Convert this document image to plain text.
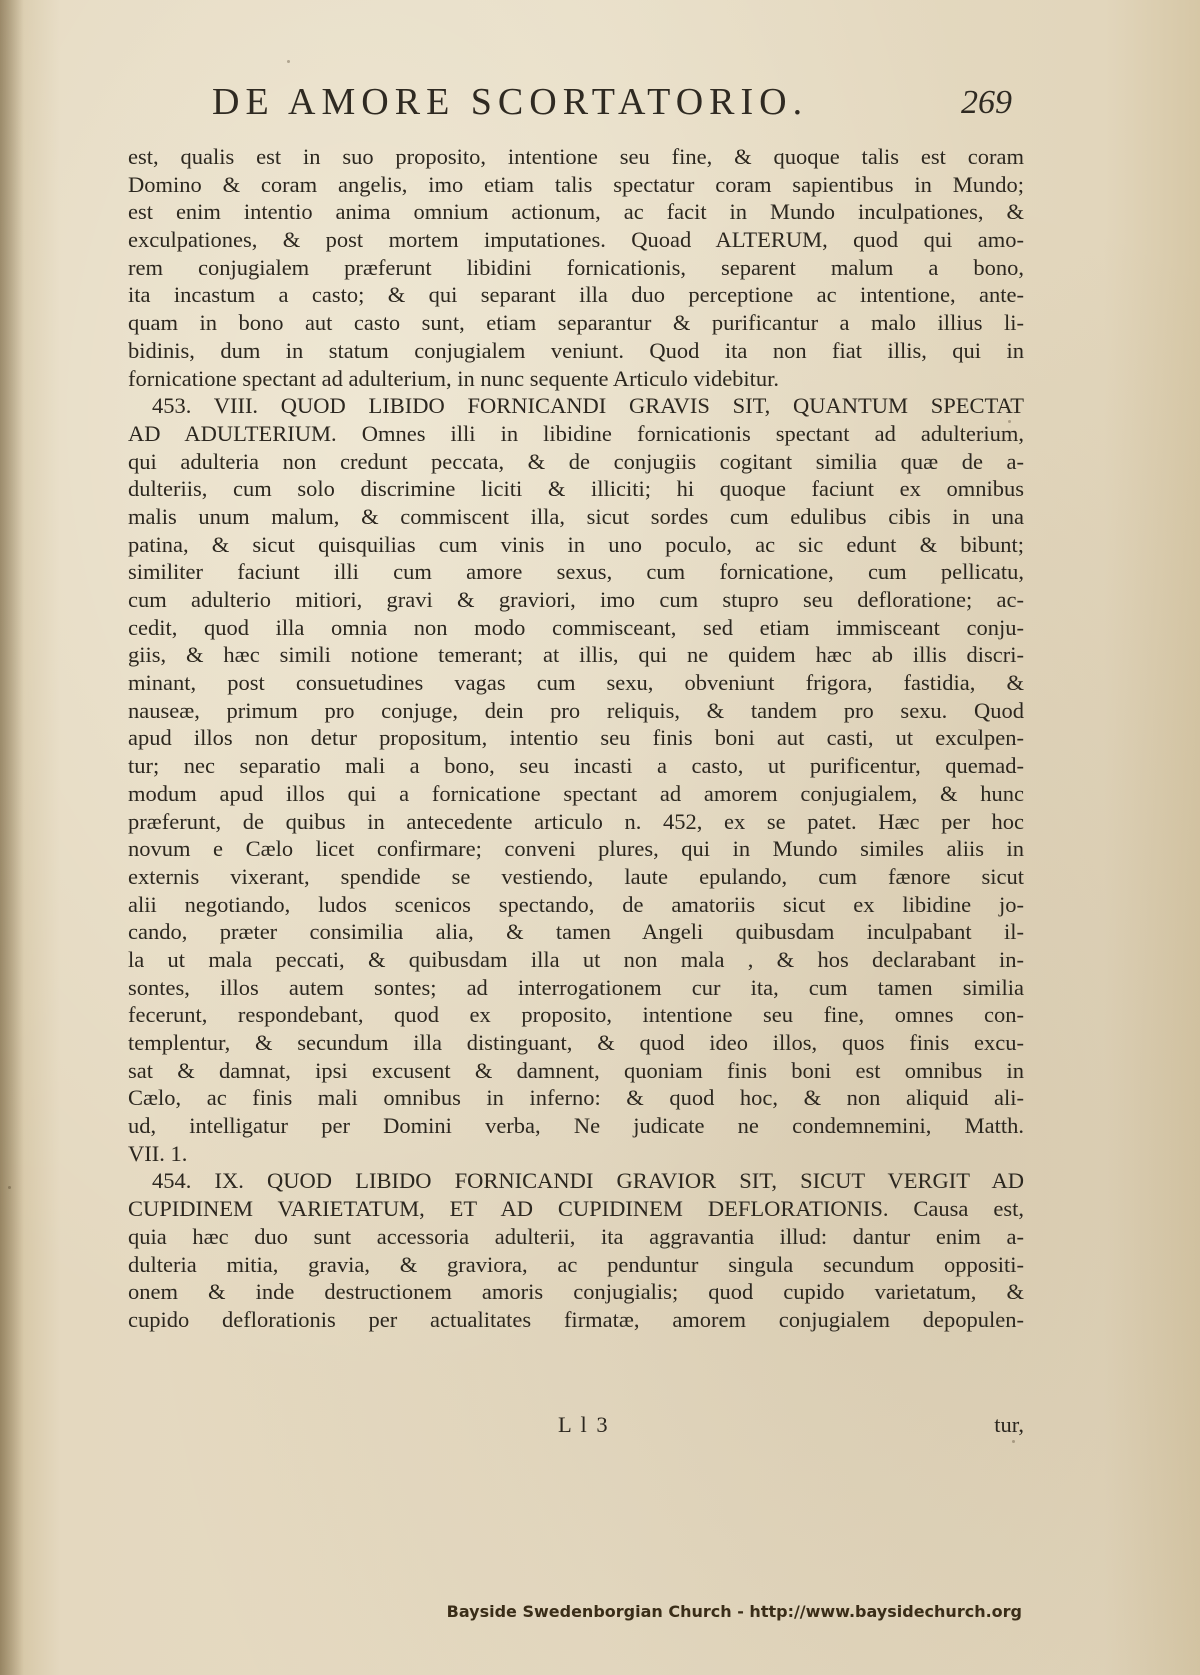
DE AMORE SCORTATORIO.	269
est, qualis est in suo proposito, intentione seu fine, & quoque talis est coram
Domino & coram angelis, imo etiam talis spectatur coram sapientibus in Mundo;
est enim intentio anima omnium actionum, ac facit in Mundo inculpationes, &
exculpationes, & post mortem imputationes. Quoad ALTERUM, quod qui amo-
rem conjugialem præferunt libidini fornicationis, separent malum a bono,
ita incastum a casto; & qui separant illa duo perceptione ac intentione, ante-
quam in bono aut casto sunt, etiam separantur & purificantur a malo illius li-
bidinis, dum in statum conjugialem veniunt. Quod ita non fiat illis, qui in
fornicatione spectant ad adulterium, in nunc sequente Articulo videbitur.
453. VIII. QUOD LIBIDO FORNICANDI GRAVIS SIT, QUANTUM SPECTAT
AD ADULTERIUM. Omnes illi in libidine fornicationis spectant ad adulterium,
qui adulteria non credunt peccata, & de conjugiis cogitant similia quæ de a-
dulteriis, cum solo discrimine liciti & illiciti; hi quoque faciunt ex omnibus
malis unum malum, & commiscent illa, sicut sordes cum edulibus cibis in una
patina, & sicut quisquilias cum vinis in uno poculo, ac sic edunt & bibunt;
similiter faciunt illi cum amore sexus, cum fornicatione, cum pellicatu,
cum adulterio mitiori, gravi & graviori, imo cum stupro seu defloratione; ac-
cedit, quod illa omnia non modo commisceant, sed etiam immisceant conju-
giis, & hæc simili notione temerant; at illis, qui ne quidem hæc ab illis discri-
minant, post consuetudines vagas cum sexu, obveniunt frigora, fastidia, &
nauseæ, primum pro conjuge, dein pro reliquis, & tandem pro sexu. Quod
apud illos non detur propositum, intentio seu finis boni aut casti, ut exculpen-
tur; nec separatio mali a bono, seu incasti a casto, ut purificentur, quemad-
modum apud illos qui a fornicatione spectant ad amorem conjugialem, & hunc
præferunt, de quibus in antecedente articulo n. 452, ex se patet. Hæc per hoc
novum e Cælo licet confirmare; conveni plures, qui in Mundo similes aliis in
externis vixerant, spendide se vestiendo, laute epulando, cum fænore sicut
alii negotiando, ludos scenicos spectando, de amatoriis sicut ex libidine jo-
cando, præter consimilia alia, & tamen Angeli quibusdam inculpabant il-
la ut mala peccati, & quibusdam illa ut non mala , & hos declarabant in-
sontes, illos autem sontes; ad interrogationem cur ita, cum tamen similia
fecerunt, respondebant, quod ex proposito, intentione seu fine, omnes con-
templentur, & secundum illa distinguant, & quod ideo illos, quos finis excu-
sat & damnat, ipsi excusent & damnent, quoniam finis boni est omnibus in
Cælo, ac finis mali omnibus in inferno: & quod hoc, & non aliquid ali-
ud, intelligatur per Domini verba, Ne judicate ne condemnemini, Matth.
VII. 1.
454. IX. QUOD LIBIDO FORNICANDI GRAVIOR SIT, SICUT VERGIT AD
CUPIDINEM VARIETATUM, ET AD CUPIDINEM DEFLORATIONIS. Causa est,
quia hæc duo sunt accessoria adulterii, ita aggravantia illud: dantur enim a-
dulteria mitia, gravia, & graviora, ac penduntur singula secundum oppositi-
onem & inde destructionem amoris conjugialis; quod cupido varietatum, &
cupido deflorationis per actualitates firmatæ, amorem conjugialem depopulen-
L l 3	tur,
Bayside Swedenborgian Church - http://www.baysidechurch.org
